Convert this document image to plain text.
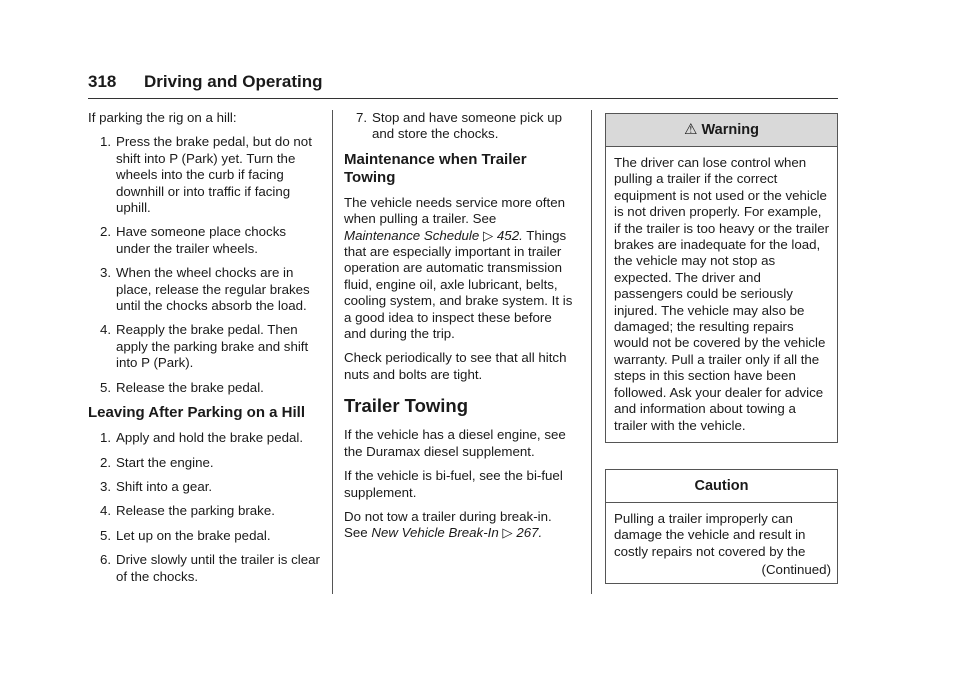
318 Driving and Operating

If parking the rig on a hill:

1. Press the brake pedal, but do not shift into P (Park) yet. Turn the wheels into the curb if facing downhill or into traffic if facing uphill.
2. Have someone place chocks under the trailer wheels.
3. When the wheel chocks are in place, release the regular brakes until the chocks absorb the load.
4. Reapply the brake pedal. Then apply the parking brake and shift into P (Park).
5. Release the brake pedal.
Leaving After Parking on a Hill
1. Apply and hold the brake pedal.
2. Start the engine.
3. Shift into a gear.
4. Release the parking brake.
5. Let up on the brake pedal.
6. Drive slowly until the trailer is clear of the chocks.
7. Stop and have someone pick up and store the chocks.
Maintenance when Trailer Towing

The vehicle needs service more often when pulling a trailer. See Maintenance Schedule ▷ 452. Things that are especially important in trailer operation are automatic transmission fluid, engine oil, axle lubricant, belts, cooling system, and brake system. It is a good idea to inspect these before and during the trip.

Check periodically to see that all hitch nuts and bolts are tight.

Trailer Towing

If the vehicle has a diesel engine, see the Duramax diesel supplement.

If the vehicle is bi-fuel, see the bi-fuel supplement.

Do not tow a trailer during break-in. See New Vehicle Break-In ▷ 267.

⚠ Warning
The driver can lose control when pulling a trailer if the correct equipment is not used or the vehicle is not driven properly. For example, if the trailer is too heavy or the trailer brakes are inadequate for the load, the vehicle may not stop as expected. The driver and passengers could be seriously injured. The vehicle may also be damaged; the resulting repairs would not be covered by the vehicle warranty. Pull a trailer only if all the steps in this section have been followed. Ask your dealer for advice and information about towing a trailer with the vehicle.
Caution
Pulling a trailer improperly can damage the vehicle and result in costly repairs not covered by the
(Continued)
